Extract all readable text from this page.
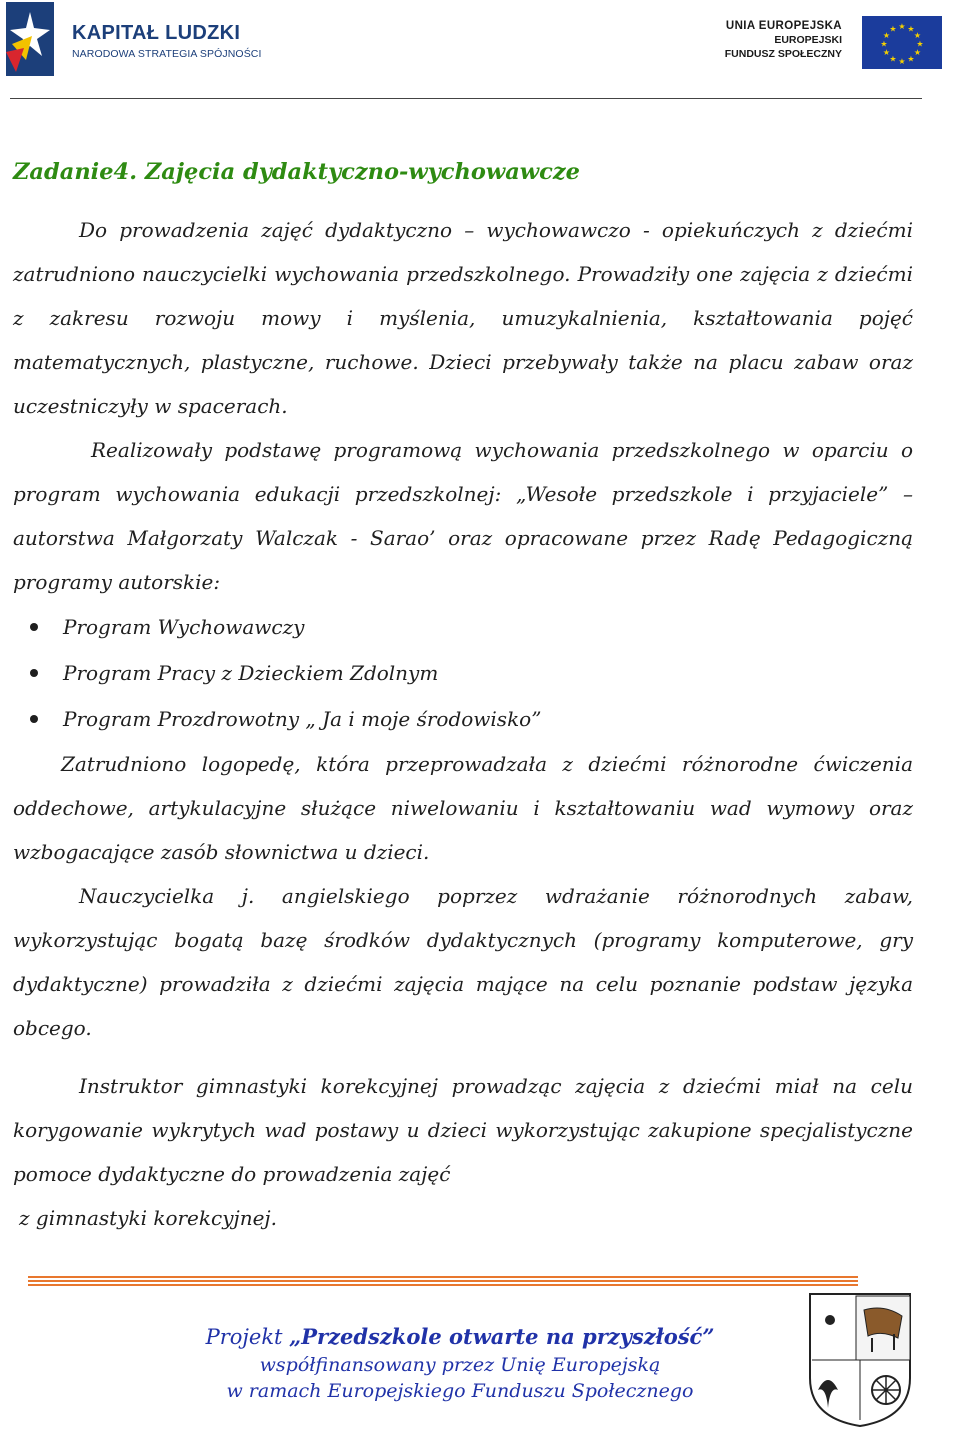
KAPITAŁ LUDZKI
NARODOWA STRATEGIA SPÓJNOŚCI
UNIA EUROPEJSKA
EUROPEJSKI
FUNDUSZ SPOŁECZNY
★ ★
★
★
★
★
★
★
★
★
★
★
Zadanie4. Zajęcia dydaktyczno-wychowawcze

Do prowadzenia zajęć dydaktyczno – wychowawczo - opiekuńczych z dziećmi zatrudniono nauczycielki wychowania przedszkolnego. Prowadziły one zajęcia z dziećmi z zakresu rozwoju mowy i myślenia, umuzykalnienia, kształtowania pojęć matematycznych, plastyczne, ruchowe. Dzieci przebywały także na placu zabaw oraz uczestniczyły w spacerach.

Realizowały podstawę programową wychowania przedszkolnego w oparciu o program wychowania edukacji przedszkolnej: „Wesołe przedszkole i przyjaciele” – autorstwa Małgorzaty Walczak - Sarao’ oraz opracowane przez Radę Pedagogiczną programy autorskie:

Program Wychowawczy
Program Pracy z Dzieckiem Zdolnym
Program Prozdrowotny „ Ja i moje środowisko”

Zatrudniono logopedę, która przeprowadzała z dziećmi różnorodne ćwiczenia oddechowe, artykulacyjne służące niwelowaniu i kształtowaniu wad wymowy oraz wzbogacające zasób słownictwa u dzieci.

Nauczycielka j. angielskiego poprzez wdrażanie różnorodnych zabaw, wykorzystując bogatą bazę środków dydaktycznych (programy komputerowe, gry dydaktyczne) prowadziła z dziećmi zajęcia mające na celu poznanie podstaw języka obcego.

Instruktor gimnastyki korekcyjnej prowadząc zajęcia z dziećmi miał na celu korygowanie wykrytych wad postawy u dzieci wykorzystując zakupione specjalistyczne pomoce dydaktyczne do prowadzenia zajęć

z gimnastyki korekcyjnej.

Projekt „Przedszkole otwarte na przyszłość”
współfinansowany przez Unię Europejską
w ramach Europejskiego Funduszu Społecznego
